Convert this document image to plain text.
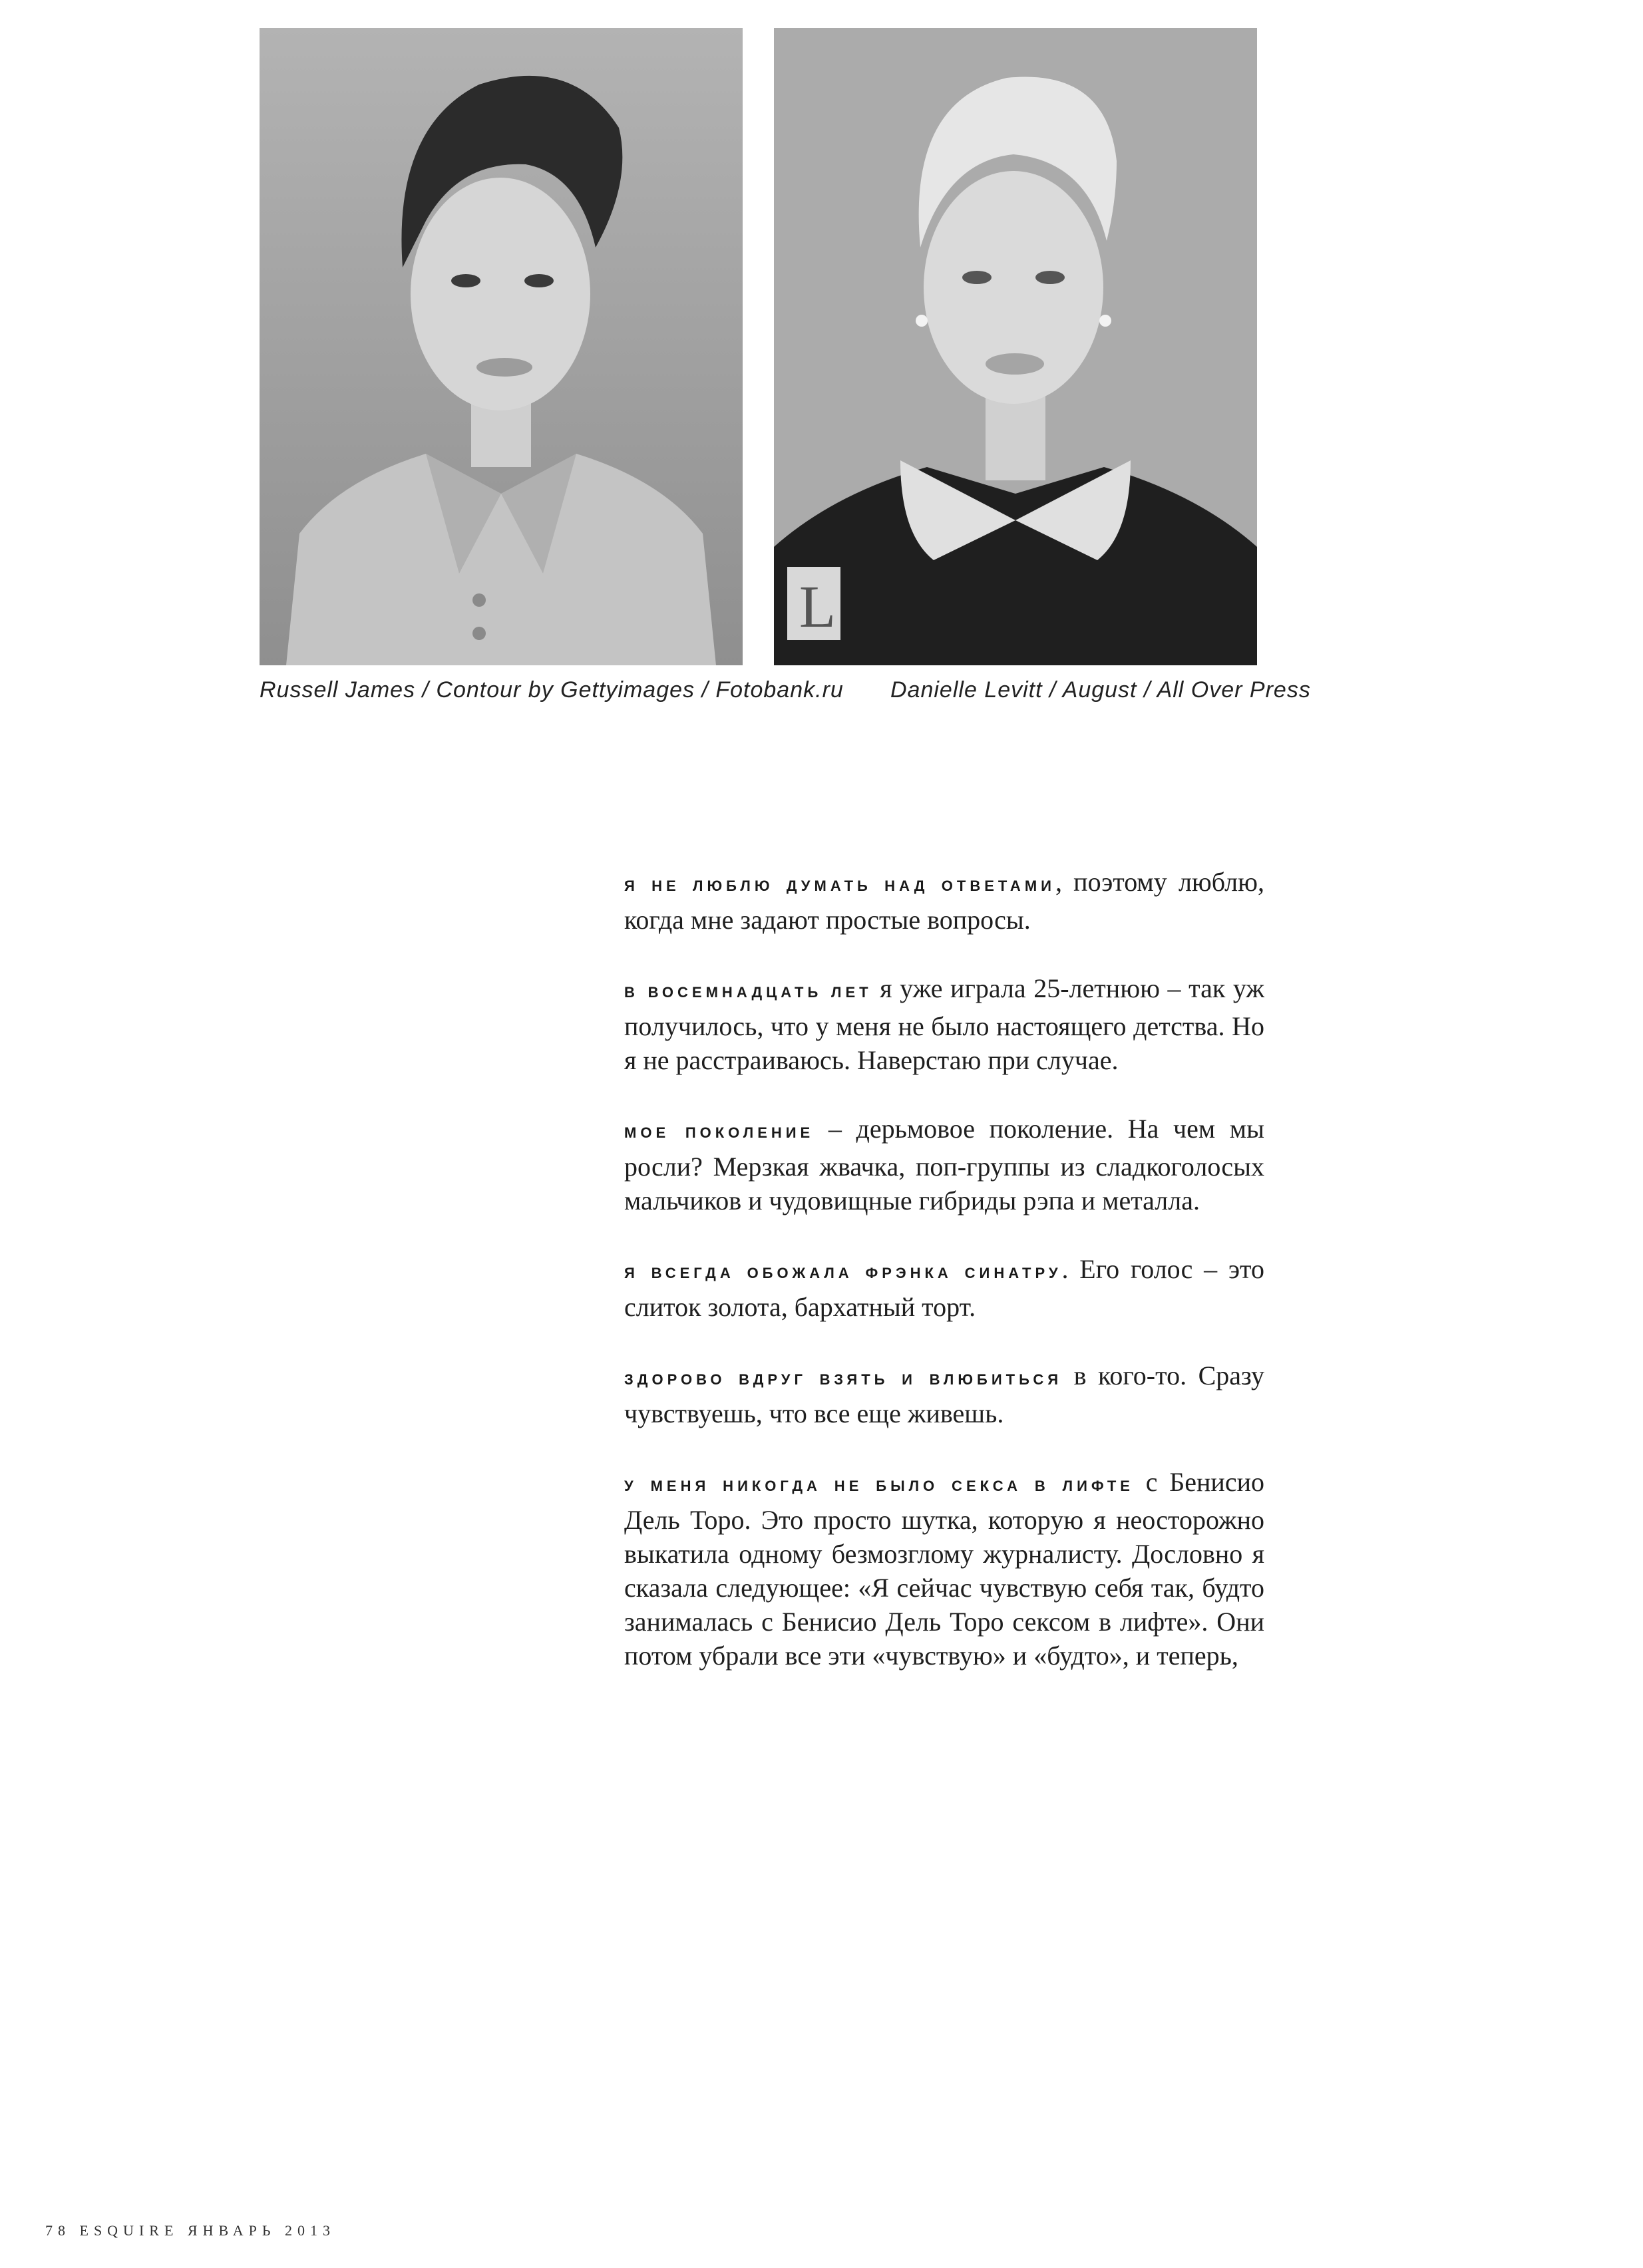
L
Russell James / Contour by Gettyimages / Fotobank.ru Danielle Levitt / August / All Over Press

Я НЕ ЛЮБЛЮ ДУМАТЬ НАД ОТВЕТАМИ, поэтому люблю, когда мне задают простые вопросы.

В ВОСЕМНАДЦАТЬ ЛЕТ я уже играла 25-летнюю – так уж получилось, что у меня не было настоящего детства. Но я не расстраиваюсь. Наверстаю при случае.

МОЕ ПОКОЛЕНИЕ – дерьмовое поколение. На чем мы росли? Мерзкая жвачка, поп-группы из сладкоголосых мальчиков и чудовищные гибриды рэпа и металла.

Я ВСЕГДА ОБОЖАЛА ФРЭНКА СИНАТРУ. Его голос – это слиток золота, бархатный торт.

ЗДОРОВО ВДРУГ ВЗЯТЬ И ВЛЮБИТЬСЯ в кого-то. Сразу чувствуешь, что все еще живешь.

У МЕНЯ НИКОГДА НЕ БЫЛО СЕКСА В ЛИФТЕ с Бенисио Дель Торо. Это просто шутка, которую я неосторожно выкатила одному безмозглому журналисту. Дословно я сказала следующее: «Я сейчас чувствую себя так, будто занималась с Бенисио Дель Торо сексом в лифте». Они потом убрали все эти «чувствую» и «будто», и теперь,

78 ESQUIRE ЯНВАРЬ 2013
